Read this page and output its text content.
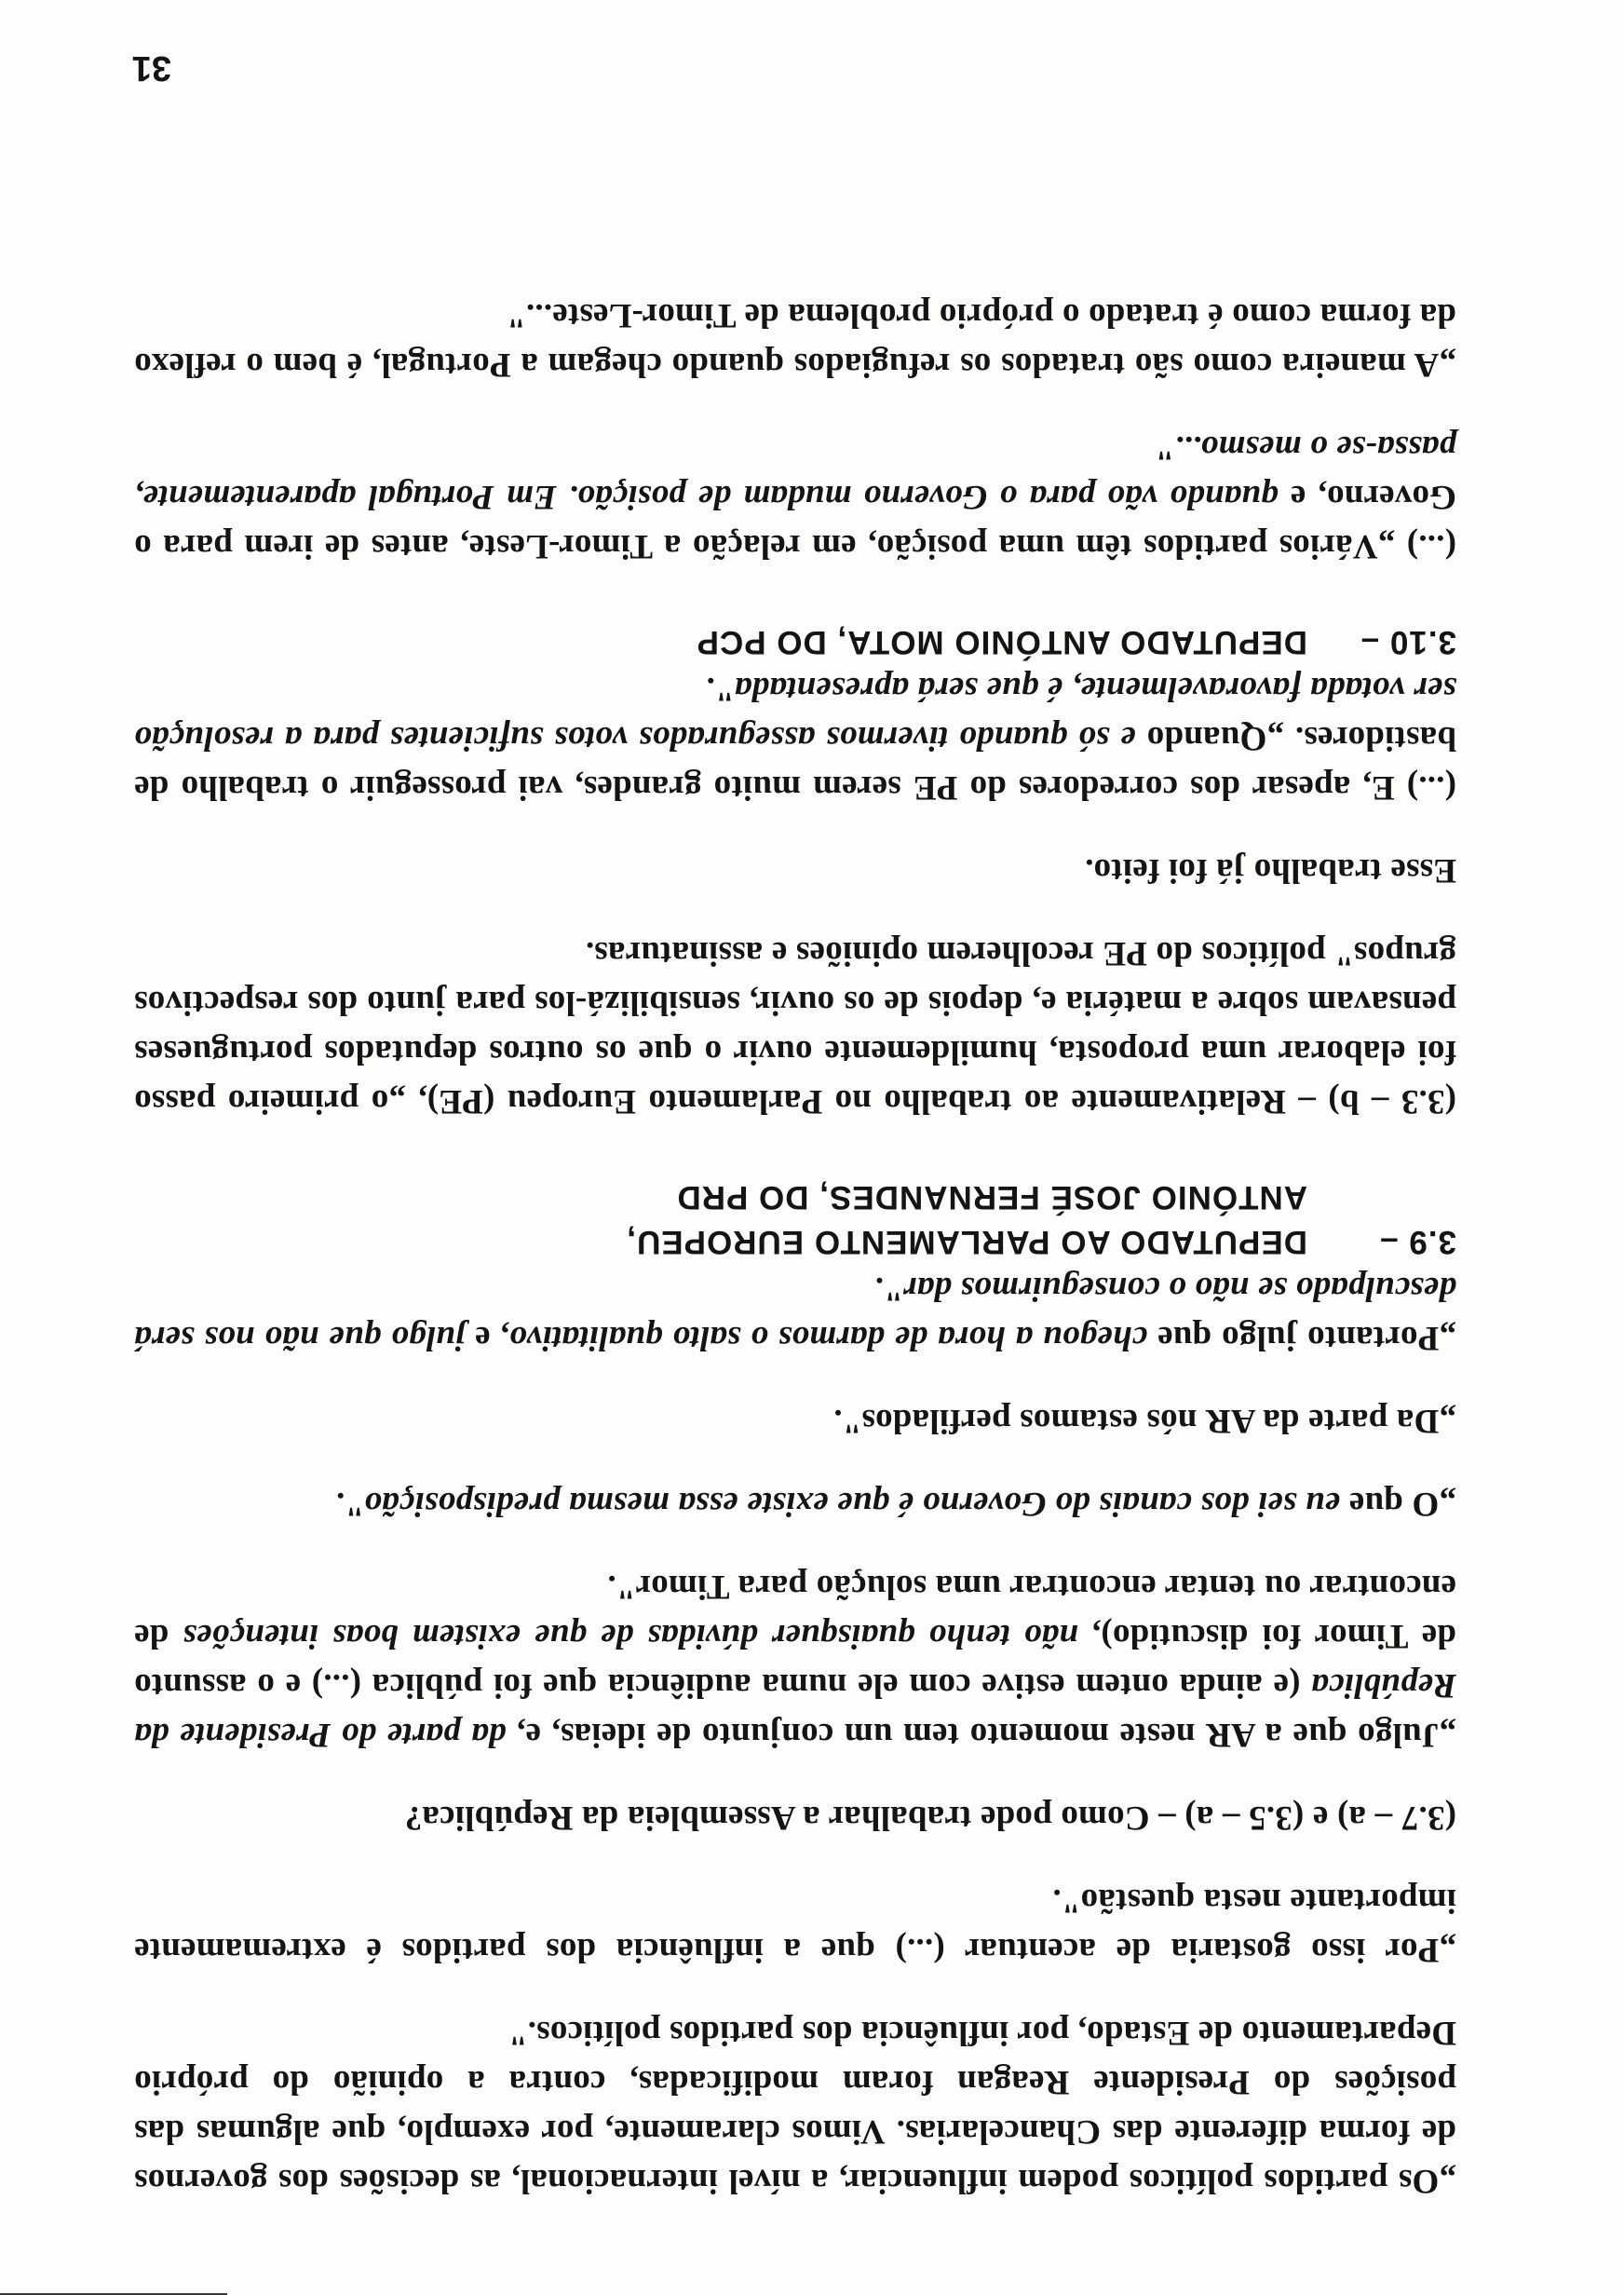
„Os partidos políticos podem influenciar, a nível internacional, as decisões dos governos de forma diferente das Chancelarias. Vimos claramente, por exemplo, que algumas das posições do Presidente Reagan foram modificadas, contra a opinião do próprio Departamento de Estado, por influência dos partidos políticos."

„Por isso gostaria de acentuar (...) que a influência dos partidos é extremamente importante nesta questão".

(3.7 – a) e (3.5 – a) – Como pode trabalhar a Assembleia da República?

„Julgo que a AR neste momento tem um conjunto de ideias, e, da parte do Presidente da República (e ainda ontem estive com ele numa audiência que foi pública (...) e o assunto de Timor foi discutido), não tenho quaisquer dúvidas de que existem boas intenções de encontrar ou tentar encontrar uma solução para Timor".

„O que eu sei dos canais do Governo é que existe essa mesma predisposição".

„Da parte da AR nós estamos perfilados".

„Portanto julgo que chegou a hora de darmos o salto qualitativo, e julgo que não nos será desculpado se não o conseguirmos dar".

3.9 –
DEPUTADO AO PARLAMENTO EUROPEU,
ANTÓNIO JOSÉ FERNANDES, DO PRD

(3.3 – b) – Relativamente ao trabalho no Parlamento Europeu (PE), „o primeiro passo foi elaborar uma proposta, humildemente ouvir o que os outros deputados portugueses pensavam sobre a matéria e, depois de os ouvir, sensibilizá-los para junto dos respectivos grupos" políticos do PE recolherem opiniões e assinaturas.

Esse trabalho já foi feito.

(...) E, apesar dos corredores do PE serem muito grandes, vai prosseguir o trabalho de bastidores. „Quando e só quando tivermos assegurados votos suficientes para a resolução ser votada favoravelmente, é que será apresentada".

3.10 –
DEPUTADO ANTÓNIO MOTA, DO PCP

(...) „Vários partidos têm uma posição, em relação a Timor-Leste, antes de irem para o Governo, e quando vão para o Governo mudam de posição. Em Portugal aparentemente, passa-se o mesmo..."

„A maneira como são tratados os refugiados quando chegam a Portugal, é bem o reflexo da forma como é tratado o próprio problema de Timor-Leste..."

31
